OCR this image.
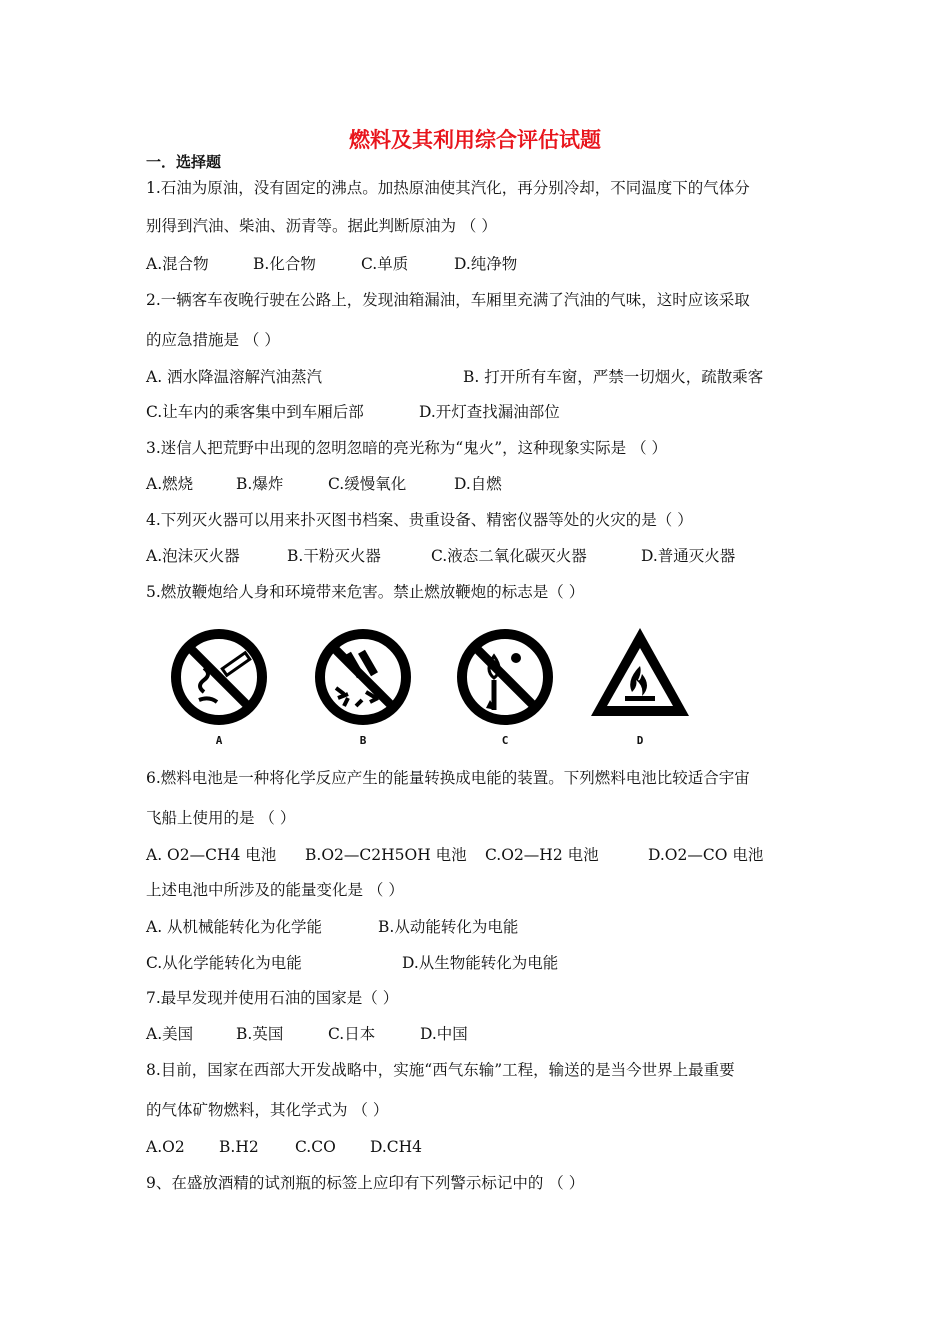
燃料及其利用综合评估试题
一．选择题
1.石油为原油，没有固定的沸点。加热原油使其汽化，再分别冷却，不同温度下的气体分
别得到汽油、柴油、沥青等。据此判断原油为 （ ）
A.混合物	B.化合物	C.单质	D.纯净物
2.一辆客车夜晚行驶在公路上，发现油箱漏油，车厢里充满了汽油的气味，这时应该采取
的应急措施是 （ ）
A. 洒水降温溶解汽油蒸汽	B. 打开所有车窗，严禁一切烟火，疏散乘客
C.让车内的乘客集中到车厢后部	D.开灯查找漏油部位
3.迷信人把荒野中出现的忽明忽暗的亮光称为“鬼火”，这种现象实际是 （ ）
A.燃烧	B.爆炸	C.缓慢氧化	D.自燃
4.下列灭火器可以用来扑灭图书档案、贵重设备、精密仪器等处的火灾的是（ ）
A.泡沫灭火器	B.干粉灭火器	C.液态二氧化碳灭火器	D.普通灭火器
5.燃放鞭炮给人身和环境带来危害。禁止燃放鞭炮的标志是（ ）
A	B	C	D
6.燃料电池是一种将化学反应产生的能量转换成电能的装置。下列燃料电池比较适合宇宙
飞船上使用的是 （ ）
A. O2—CH4 电池 B.O2—C2H5OH 电池 C.O2—H2 电池	D.O2—CO 电池
上述电池中所涉及的能量变化是 （ ）
A. 从机械能转化为化学能	B.从动能转化为电能
C.从化学能转化为电能	D.从生物能转化为电能
7.最早发现并使用石油的国家是（ ）
A.美国	B.英国	C.日本	D.中国
8.目前，国家在西部大开发战略中，实施“西气东输”工程，输送的是当今世界上最重要
的气体矿物燃料，其化学式为 （ ）
A.O2 B.H2 C.CO D.CH4
9、在盛放酒精的试剂瓶的标签上应印有下列警示标记中的 （ ）
